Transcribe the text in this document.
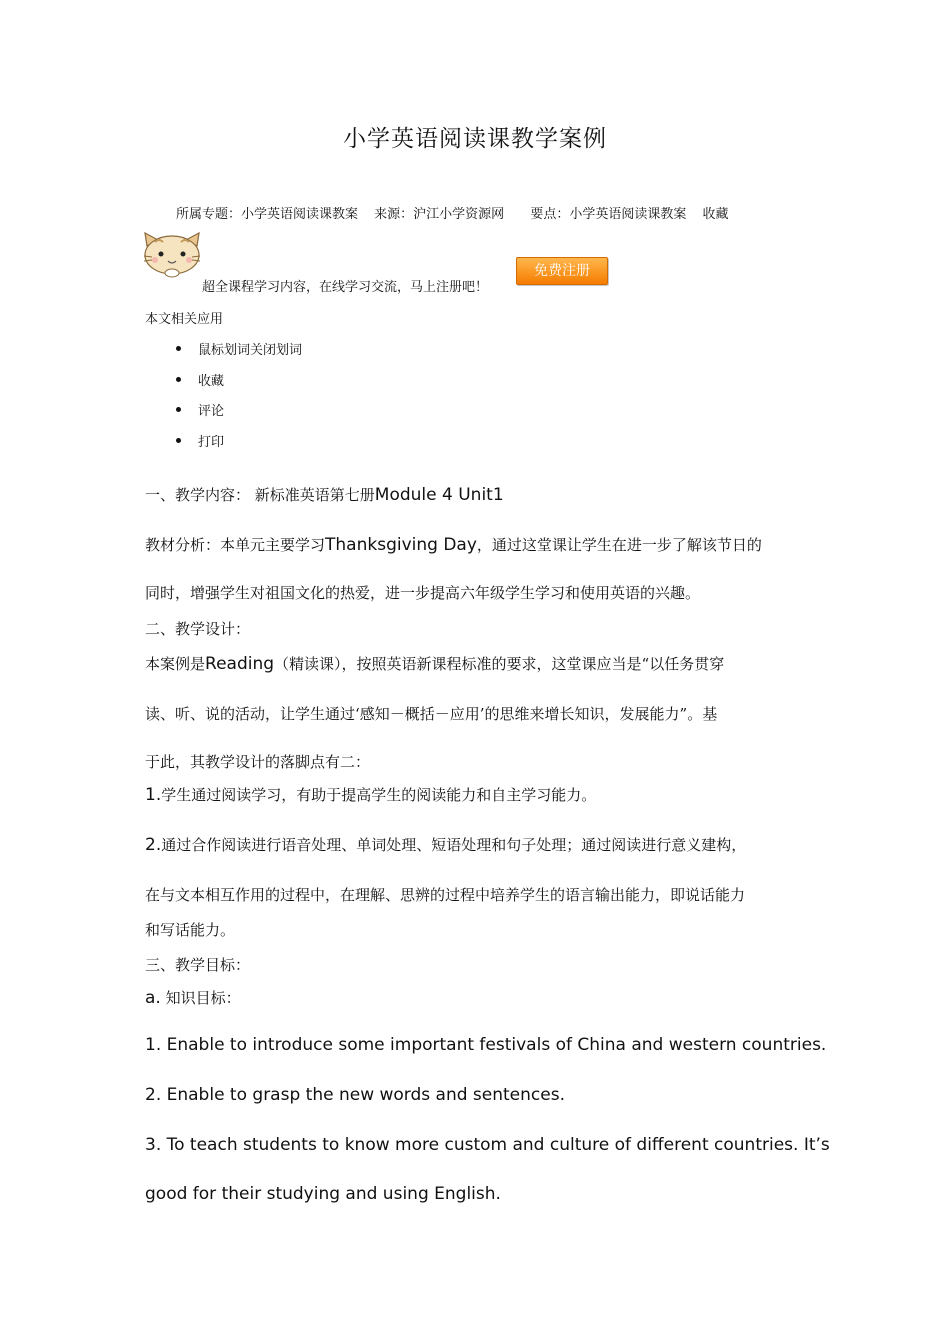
小学英语阅读课教学案例
所属专题：小学英语阅读课教案 来源：沪江小学资源网 要点：小学英语阅读课教案 收藏
超全课程学习内容，在线学习交流，马上注册吧！
免费注册
本文相关应用
鼠标划词关闭划词
收藏
评论
打印
一、教学内容： 新标准英语第七册Module 4 Unit1
教材分析：本单元主要学习Thanksgiving Day，通过这堂课让学生在进一步了解该节日的
同时，增强学生对祖国文化的热爱，进一步提高六年级学生学习和使用英语的兴趣。
二、教学设计：
本案例是Reading（精读课），按照英语新课程标准的要求，这堂课应当是“以任务贯穿
读、听、说的活动，让学生通过‘感知－概括－应用’的思维来增长知识，发展能力”。基
于此，其教学设计的落脚点有二：
1.学生通过阅读学习，有助于提高学生的阅读能力和自主学习能力。
2.通过合作阅读进行语音处理、单词处理、短语处理和句子处理；通过阅读进行意义建构，
在与文本相互作用的过程中，在理解、思辨的过程中培养学生的语言输出能力，即说话能力
和写话能力。
三、教学目标：
a. 知识目标：
1. Enable to introduce some important festivals of China and western countries.
2. Enable to grasp the new words and sentences.
3. To teach students to know more custom and culture of different countries. It’s
good for their studying and using English.
